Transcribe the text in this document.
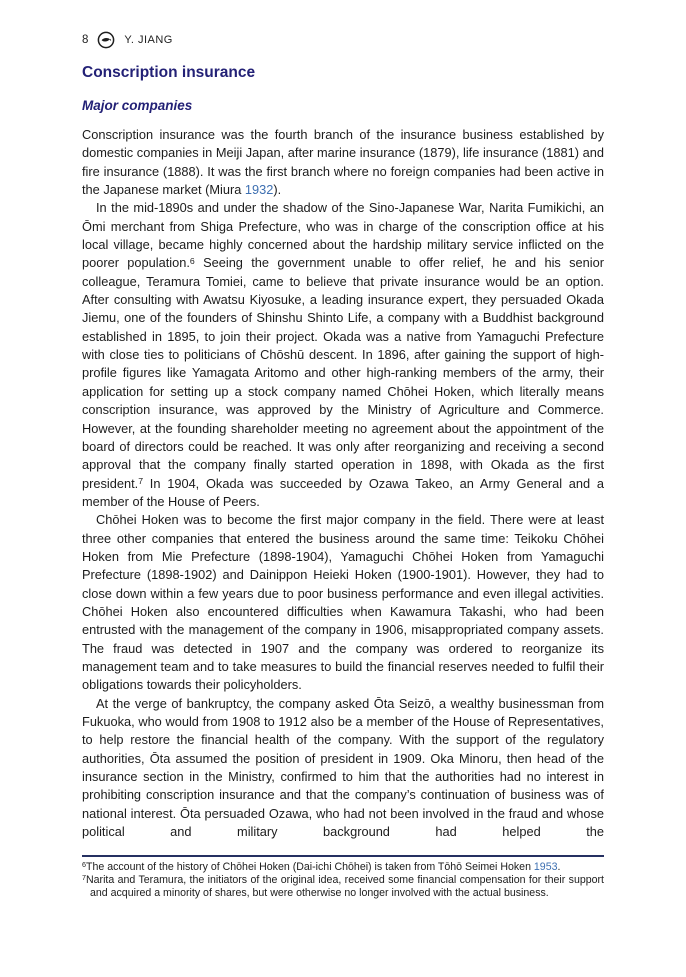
8	Y. JIANG
Conscription insurance
Major companies

Conscription insurance was the fourth branch of the insurance business established by domestic companies in Meiji Japan, after marine insurance (1879), life insurance (1881) and fire insurance (1888). It was the first branch where no foreign companies had been active in the Japanese market (Miura 1932).

In the mid-1890s and under the shadow of the Sino-Japanese War, Narita Fumikichi, an Ōmi merchant from Shiga Prefecture, who was in charge of the conscription office at his local village, became highly concerned about the hardship military service inflicted on the poorer population.$^6$ Seeing the government unable to offer relief, he and his senior colleague, Teramura Tomiei, came to believe that private insurance would be an option. After consulting with Awatsu Kiyosuke, a leading insurance expert, they persuaded Okada Jiemu, one of the founders of Shinshu Shinto Life, a company with a Buddhist background established in 1895, to join their project. Okada was a native from Yamaguchi Prefecture with close ties to politicians of Chōshū descent. In 1896, after gaining the support of high-profile figures like Yamagata Aritomo and other high-ranking members of the army, their application for setting up a stock company named Chōhei Hoken, which literally means conscription insurance, was approved by the Ministry of Agriculture and Commerce. However, at the founding shareholder meeting no agreement about the appointment of the board of directors could be reached. It was only after reorganizing and receiving a second approval that the company finally started operation in 1898, with Okada as the first president.$^7$ In 1904, Okada was succeeded by Ozawa Takeo, an Army General and a member of the House of Peers.

Chōhei Hoken was to become the first major company in the field. There were at least three other companies that entered the business around the same time: Teikoku Chōhei Hoken from Mie Prefecture (1898-1904), Yamaguchi Chōhei Hoken from Yamaguchi Prefecture (1898-1902) and Dainippon Heieki Hoken (1900-1901). However, they had to close down within a few years due to poor business performance and even illegal activities. Chōhei Hoken also encountered difficulties when Kawamura Takashi, who had been entrusted with the management of the company in 1906, misappropriated company assets. The fraud was detected in 1907 and the company was ordered to reorganize its management team and to take measures to build the financial reserves needed to fulfil their obligations towards their policyholders.

At the verge of bankruptcy, the company asked Ōta Seizō, a wealthy businessman from Fukuoka, who would from 1908 to 1912 also be a member of the House of Representatives, to help restore the financial health of the company. With the support of the regulatory authorities, Ōta assumed the position of president in 1909. Oka Minoru, then head of the insurance section in the Ministry, confirmed to him that the authorities had no interest in prohibiting conscription insurance and that the company’s continuation of business was of national interest. Ōta persuaded Ozawa, who had not been involved in the fraud and whose political and military background had helped the

$^6$The account of the history of Chōhei Hoken (Dai-ichi Chōhei) is taken from Tōhō Seimei Hoken 1953.

$^7$Narita and Teramura, the initiators of the original idea, received some financial compensation for their support and acquired a minority of shares, but were otherwise no longer involved with the actual business.
